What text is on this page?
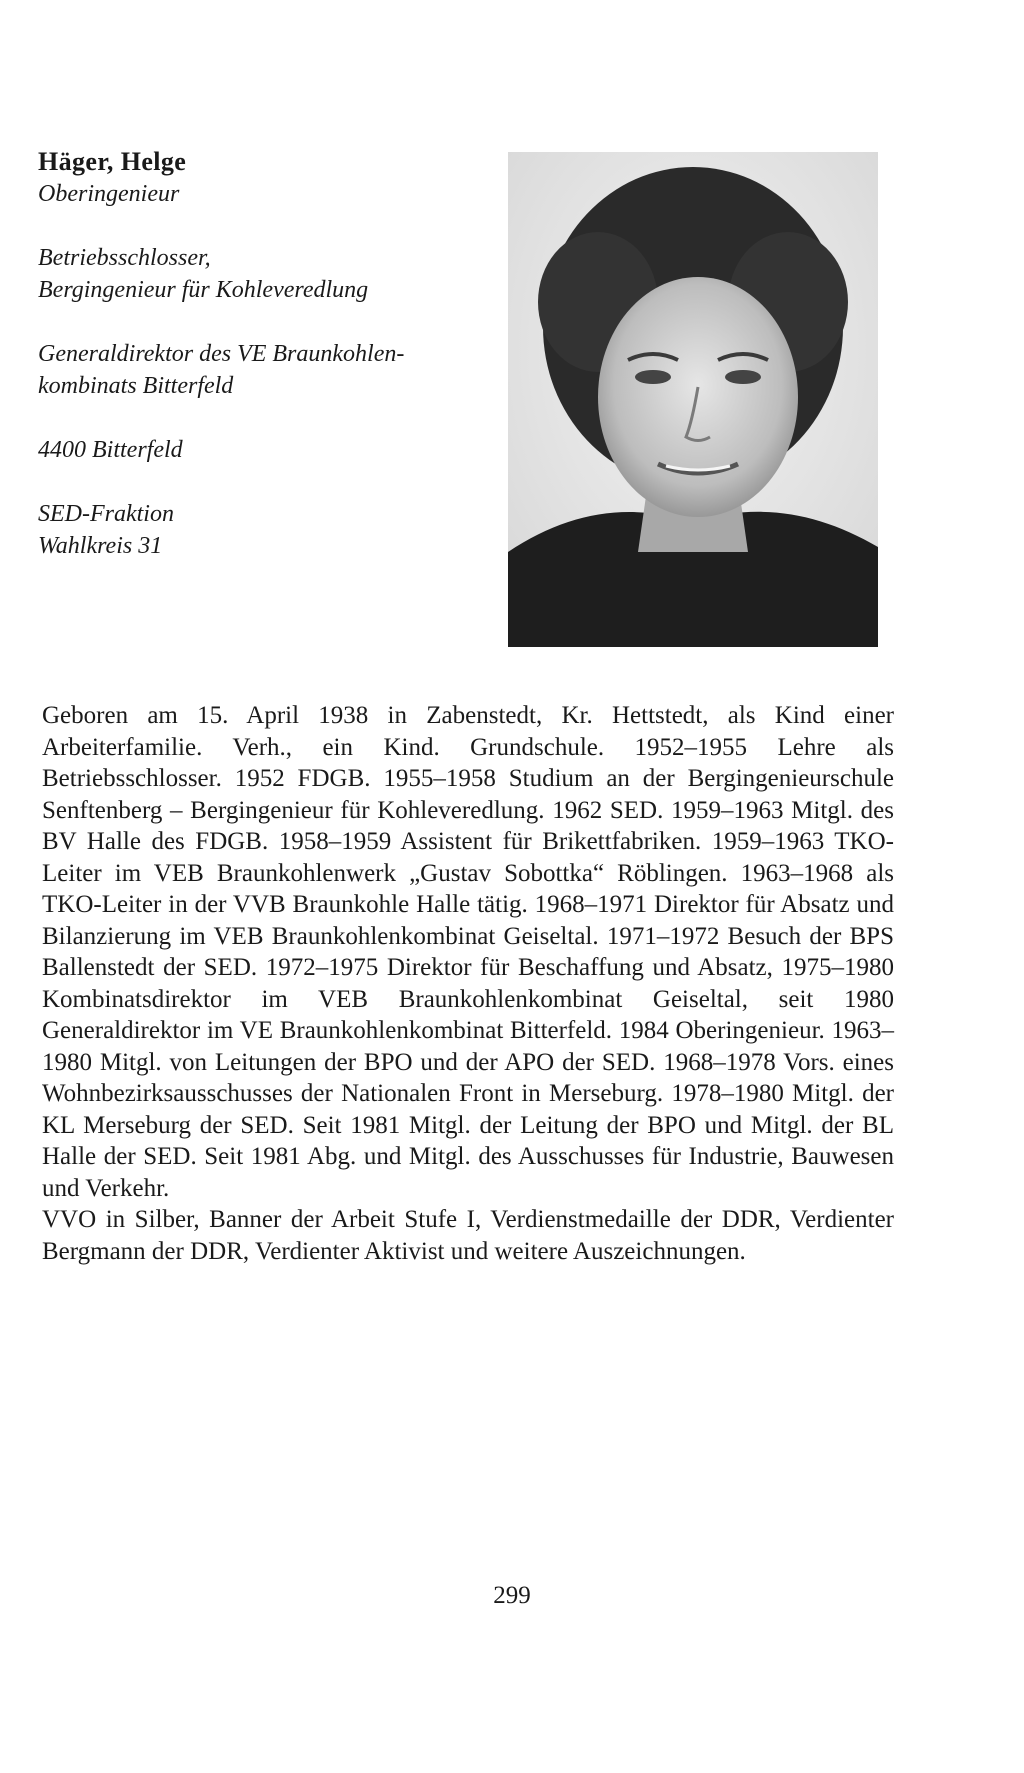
Häger, Helge
Oberingenieur
Betriebsschlosser,
Bergingenieur für Kohleveredlung
Generaldirektor des VE Braunkohlen-
kombinats Bitterfeld
4400 Bitterfeld
SED-Fraktion
Wahlkreis 31

Geboren am 15. April 1938 in Zabenstedt, Kr. Hettstedt, als Kind einer Arbeiterfamilie. Verh., ein Kind. Grundschule. 1952–1955 Lehre als Betriebsschlosser. 1952 FDGB. 1955–1958 Studium an der Bergingenieurschule Senftenberg – Bergingenieur für Kohleveredlung. 1962 SED. 1959–1963 Mitgl. des BV Halle des FDGB. 1958–1959 Assistent für Brikettfabriken. 1959–1963 TKO-Leiter im VEB Braunkohlenwerk „Gustav Sobottka“ Röblingen. 1963–1968 als TKO-Leiter in der VVB Braunkohle Halle tätig. 1968–1971 Direktor für Absatz und Bilanzierung im VEB Braunkohlenkombinat Geiseltal. 1971–1972 Besuch der BPS Ballenstedt der SED. 1972–1975 Direktor für Beschaffung und Absatz, 1975–1980 Kombinatsdirektor im VEB Braunkohlenkombinat Geiseltal, seit 1980 Generaldirektor im VE Braunkohlenkombinat Bitterfeld. 1984 Oberingenieur. 1963–1980 Mitgl. von Leitungen der BPO und der APO der SED. 1968–1978 Vors. eines Wohnbezirksausschusses der Nationalen Front in Merseburg. 1978–1980 Mitgl. der KL Merseburg der SED. Seit 1981 Mitgl. der Leitung der BPO und Mitgl. der BL Halle der SED. Seit 1981 Abg. und Mitgl. des Ausschusses für Industrie, Bauwesen und Verkehr.

VVO in Silber, Banner der Arbeit Stufe I, Verdienstmedaille der DDR, Verdienter Bergmann der DDR, Verdienter Aktivist und weitere Auszeichnungen.

299
